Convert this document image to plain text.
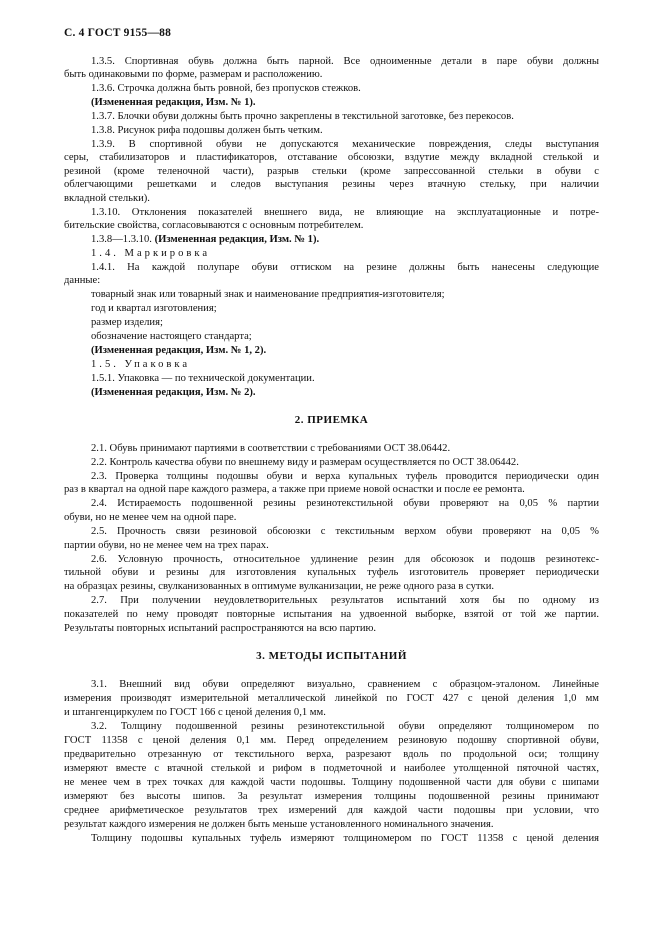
С. 4 ГОСТ 9155—88
1.3.5. Спортивная обувь должна быть парной. Все одноименные детали в паре обуви должны
быть одинаковыми по форме, размерам и расположению.
1.3.6. Строчка должна быть ровной, без пропусков стежков.
(Измененная редакция, Изм. № 1).
1.3.7. Блочки обуви должны быть прочно закреплены в текстильной заготовке, без перекосов.
1.3.8. Рисунок рифа подошвы должен быть четким.
1.3.9. В спортивной обуви не допускаются механические повреждения, следы выступания
серы, стабилизаторов и пластификаторов, отставание обсоюзки, вздутие между вкладной стелькой и
резиной (кроме теленочной части), разрыв стельки (кроме запрессованной стельки в обуви с
облегчающими решетками и следов выступания резины через втачную стельку, при наличии
вкладной стельки).
1.3.10. Отклонения показателей внешнего вида, не влияющие на эксплуатационные и потре-
бительские свойства, согласовываются с основным потребителем.
1.3.8—1.3.10. (Измененная редакция, Изм. № 1).
1.4. Маркировка
1.4.1. На каждой полупаре обуви оттиском на резине должны быть нанесены следующие
данные:
товарный знак или товарный знак и наименование предприятия-изготовителя;
год и квартал изготовления;
размер изделия;
обозначение настоящего стандарта;
(Измененная редакция, Изм. № 1, 2).
1.5. Упаковка
1.5.1. Упаковка — по технической документации.
(Измененная редакция, Изм. № 2).
2. ПРИЕМКА
2.1. Обувь принимают партиями в соответствии с требованиями ОСТ 38.06442.
2.2. Контроль качества обуви по внешнему виду и размерам осуществляется по ОСТ 38.06442.
2.3. Проверка толщины подошвы обуви и верха купальных туфель проводится периодически один
раз в квартал на одной паре каждого размера, а также при приеме новой оснастки и после ее ремонта.
2.4. Истираемость подошвенной резины резинотекстильной обуви проверяют на 0,05 % партии
обуви, но не менее чем на одной паре.
2.5. Прочность связи резиновой обсоюзки с текстильным верхом обуви проверяют на 0,05 %
партии обуви, но не менее чем на трех парах.
2.6. Условную прочность, относительное удлинение резин для обсоюзок и подошв резинотекс-
тильной обуви и резины для изготовления купальных туфель изготовитель проверяет периодически
на образцах резины, свулканизованных в оптимуме вулканизации, не реже одного раза в сутки.
2.7. При получении неудовлетворительных результатов испытаний хотя бы по одному из
показателей по нему проводят повторные испытания на удвоенной выборке, взятой от той же партии.
Результаты повторных испытаний распространяются на всю партию.
3. МЕТОДЫ ИСПЫТАНИЙ
3.1. Внешний вид обуви определяют визуально, сравнением с образцом-эталоном. Линейные
измерения производят измерительной металлической линейкой по ГОСТ 427 с ценой деления 1,0 мм
и штангенциркулем по ГОСТ 166 с ценой деления 0,1 мм.
3.2. Толщину подошвенной резины резинотекстильной обуви определяют толщиномером по
ГОСТ 11358 с ценой деления 0,1 мм. Перед определением резиновую подошву спортивной обуви,
предварительно отрезанную от текстильного верха, разрезают вдоль по продольной оси; толщину
измеряют вместе с втачной стелькой и рифом в подметочной и наиболее утолщенной пяточной частях,
не менее чем в трех точках для каждой части подошвы. Толщину подошвенной части для обуви с шипами
измеряют без высоты шипов. За результат измерения толщины подошвенной резины принимают
среднее арифметическое результатов трех измерений для каждой части подошвы при условии, что
результат каждого измерения не должен быть меньше установленного номинального значения.
Толщину подошвы купальных туфель измеряют толщиномером по ГОСТ 11358 с ценой деления
